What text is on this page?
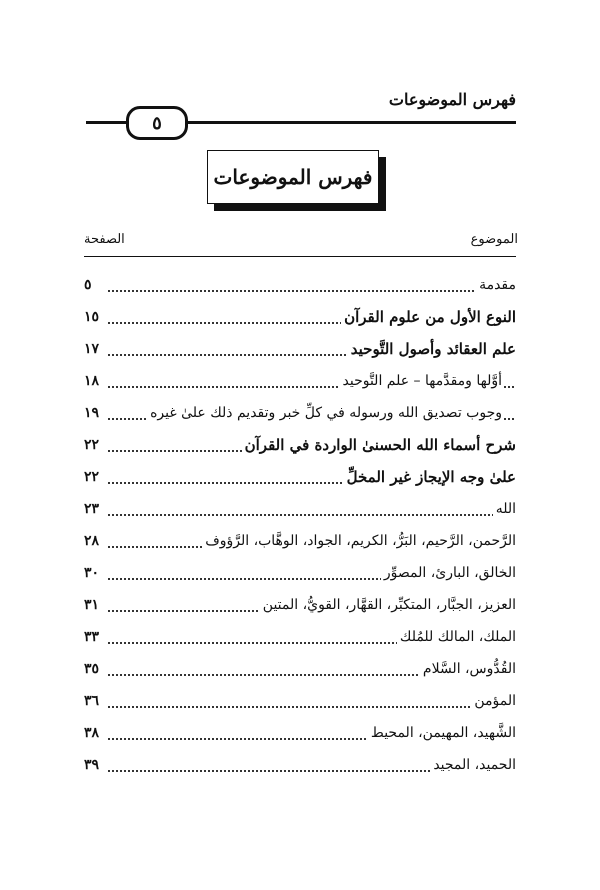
فهرس الموضوعات
٥
فهرس الموضوعات
الموضوع
الصفحة
مقدمة
٥
النوع الأول من علوم القرآن
١٥
علم العقائد وأصول التَّوحيد
١٧
أوَّلها ومقدَّمها – علم التَّوحيد
١٨
وجوب تصديق الله ورسوله في كلِّ خبر وتقديم ذلك علىٰ غيره
١٩
شرح أسماء الله الحسنىٰ الواردة في القرآن
٢٢
علىٰ وجه الإيجاز غير المخلِّ
٢٢
الله
٢٣
الرَّحمن، الرَّحيم، البَرُّ، الكريم، الجواد، الوهَّاب، الرَّؤوف
٢٨
الخالق، البارئ، المصوِّر
٣٠
العزيز، الجبَّار، المتكبِّر، القهَّار، القويُّ، المتين
٣١
الملك، المالك للمُلك
٣٣
القُدُّوس، السَّلام
٣٥
المؤمن
٣٦
الشَّهيد، المهيمن، المحيط
٣٨
الحميد، المجيد
٣٩
